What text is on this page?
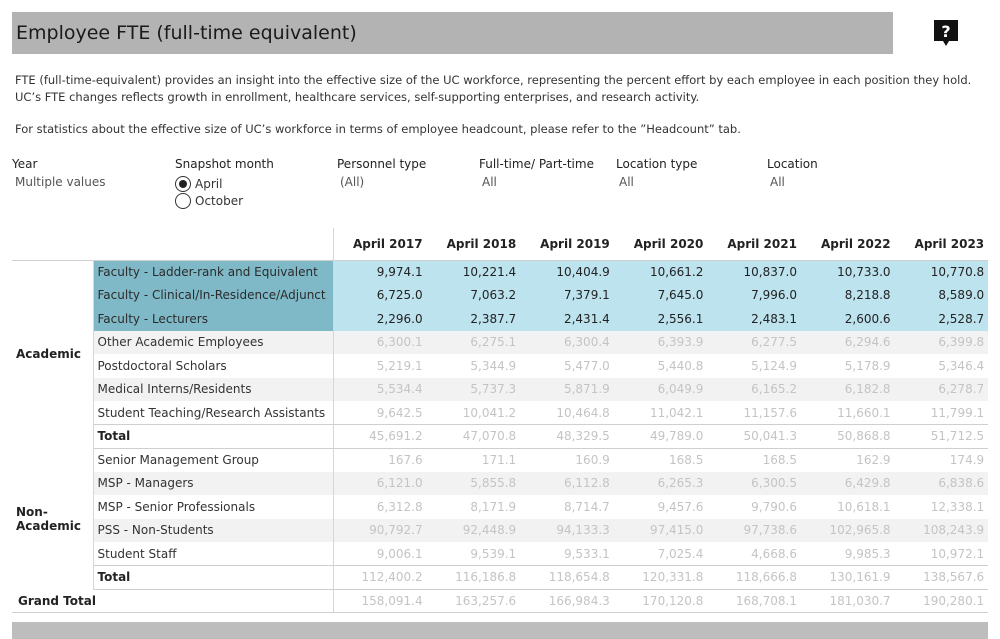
Employee FTE (full-time equivalent)	?

FTE (full-time-equivalent) provides an insight into the effective size of the UC workforce, representing the percent effort by each employee in each position they hold. UC’s FTE changes reflects growth in enrollment, healthcare services, self-supporting enterprises, and research activity.

For statistics about the effective size of UC’s workforce in terms of employee headcount, please refer to the ”Headcount” tab.

Year
Multiple values
Snapshot month
April
October
Personnel type
(All)
Full-time/ Part-time
All
Location type
All
Location
All
		April 2017	April 2018	April 2019	April 2020	April 2021	April 2022	April 2023
Academic	Faculty - Ladder-rank and Equivalent	9,974.1	10,221.4	10,404.9	10,661.2	10,837.0	10,733.0	10,770.8
	Faculty - Clinical/In-Residence/Adjunct	6,725.0	7,063.2	7,379.1	7,645.0	7,996.0	8,218.8	8,589.0
	Faculty - Lecturers	2,296.0	2,387.7	2,431.4	2,556.1	2,483.1	2,600.6	2,528.7
	Other Academic Employees	6,300.1	6,275.1	6,300.4	6,393.9	6,277.5	6,294.6	6,399.8
	Postdoctoral Scholars	5,219.1	5,344.9	5,477.0	5,440.8	5,124.9	5,178.9	5,346.4
	Medical Interns/Residents	5,534.4	5,737.3	5,871.9	6,049.9	6,165.2	6,182.8	6,278.7
	Student Teaching/Research Assistants	9,642.5	10,041.2	10,464.8	11,042.1	11,157.6	11,660.1	11,799.1
	Total	45,691.2	47,070.8	48,329.5	49,789.0	50,041.3	50,868.8	51,712.5
Non-
Academic	Senior Management Group	167.6	171.1	160.9	168.5	168.5	162.9	174.9
	MSP - Managers	6,121.0	5,855.8	6,112.8	6,265.3	6,300.5	6,429.8	6,838.6
	MSP - Senior Professionals	6,312.8	8,171.9	8,714.7	9,457.6	9,790.6	10,618.1	12,338.1
	PSS - Non-Students	90,792.7	92,448.9	94,133.3	97,415.0	97,738.6	102,965.8	108,243.9
	Student Staff	9,006.1	9,539.1	9,533.1	7,025.4	4,668.6	9,985.3	10,972.1
	Total	112,400.2	116,186.8	118,654.8	120,331.8	118,666.8	130,161.9	138,567.6
Grand Total		158,091.4	163,257.6	166,984.3	170,120.8	168,708.1	181,030.7	190,280.1
